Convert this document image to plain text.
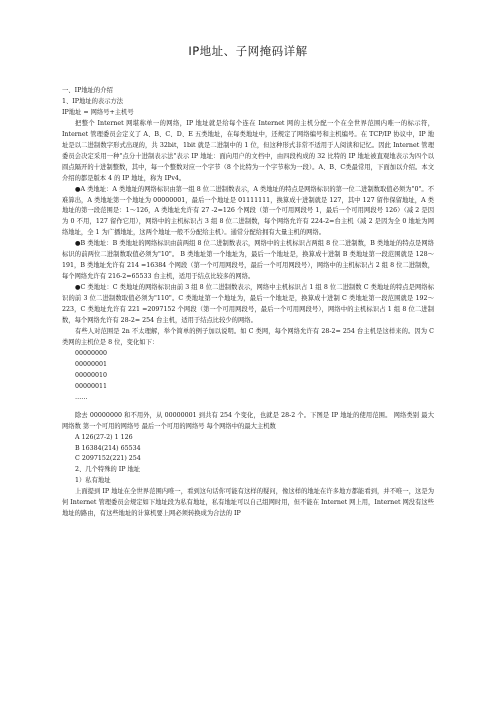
IP地址、子网掩码详解

一、IP地址的介绍

1、IP地址的表示方法

IP地址 = 网络号+主机号

把整个 Internet 网堪称单一的网络，IP 地址就是给每个连在 Internet 网的主机分配一个在全世界范围内唯一的标示符，Internet 管理委员会定义了 A、B、C、D、E 五类地址，在每类地址中，还规定了网络编号和主机编号。在 TCP/IP 协议中，IP 地址是以二进制数字形式出现的，共 32bit，1bit 就是二进制中的 1 位，但这种形式非常不适用于人阅读和记忆。因此 Internet 管理委员会决定采用一种"点分十进制表示法"表示 IP 地址：面向用户的文档中，由四段构成的 32 比特的 IP 地址被直观地表示为四个以圆点隔开的十进制整数，其中，每一个整数对应一个字节（8 个比特为一个字节称为一段）。A、B、C类最常用，下面加以介绍。本文介绍的都是版本 4 的 IP 地址，称为 IPv4。

●A 类地址：A 类地址的网络标识由第一组 8 位二进制数表示，A 类地址的特点是网络标识的第一位二进制数取值必须为"0"。不难算出，A 类地址第一个地址为 00000001，最后一个地址是 01111111，换算成十进制就是 127，其中 127 留作保留地址，A 类地址的第一段范围是：1～126，A 类地址允许有 27 -2=126 个网段（第一个可用网段号 1，最后一个可用网段号 126）（减 2 是因为 0 不用，127 留作它用），网络中的主机标识占 3 组 8 位二进制数，每个网络允许有 224-2=台主机（减 2 是因为全 0 地址为网络地址，全 1 为广播地址，这两个地址一般不分配给主机）。通常分配给拥有大量主机的网络。

●B 类地址：B 类地址的网络标识由前两组 8 位二进制数表示，网络中的主机标识占两组 8 位二进制数，B 类地址的特点是网络标识的前两位二进制数取值必须为"10"。 B 类地址第一个地址为，最后一个地址是，换算成十进制 B 类地址第一段范围就是 128～191，B 类地址允许有 214 =16384 个网段（第一个可用网段号，最后一个可用网段号），网络中的主机标识占 2 组 8 位二进制数，每个网络允许有 216-2=65533 台主机，适用于结点比较多的网络。

●C 类地址：C 类地址的网络标识由前 3 组 8 位二进制数表示，网络中主机标识占 1 组 8 位二进制数 C 类地址的特点是网络标识的前 3 位二进制数取值必须为"110"。C 类地址第一个地址为，最后一个地址是，换算成十进制 C 类地址第一段范围就是 192～223，C 类地址允许有 221 =2097152 个网段（第一个可用网段号，最后一个可用网段号），网络中的主机标识占 1 组 8 位二进制数，每个网络允许有 28-2= 254 台主机，适用于结点比较少的网络。

有些人对范围是 2n 不太理解，举个简单的例子加以说明。如 C 类网，每个网络允许有 28-2= 254 台主机是这样来的。因为 C 类网的主机位是 8 位，变化如下：

00000000

00000001

00000010

00000011

……

除去 00000000 和不用外，从 00000001 到共有 254 个变化，也就是 28-2 个。下图是 IP 地址的使用范围。 网络类别 最大网络数 第一个可用的网络号 最后一个可用的网络号 每个网络中的最大主机数

A 126(27-2) 1 126

B 16384(214) 65534

C 2097152(221) 254

2、几个特殊的 IP 地址

1）私有地址

上面提到 IP 地址在全世界范围内唯一，看到这句话你可能有这样的疑问，像这样的地址在许多地方都能看到，并不唯一，这是为何 Internet 管理委员会规定如下地址段为私有地址，私有地址可以自己组网时用，但不能在 Internet 网上用，Internet 网没有这些地址的路由，有这些地址的计算机要上网必须转换成为合法的 IP
